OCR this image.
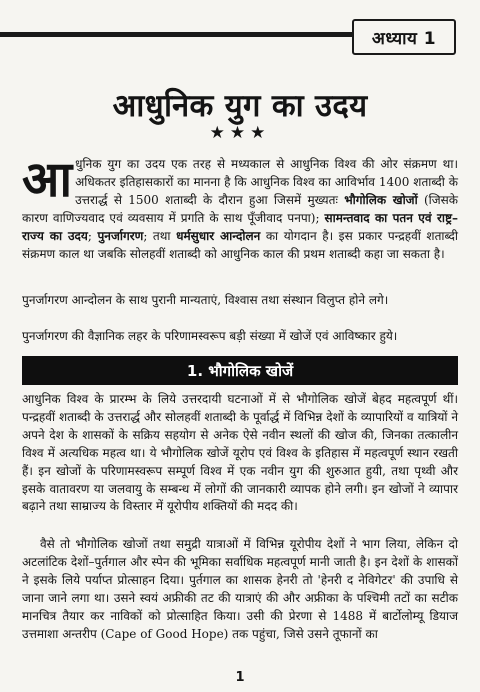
अध्याय 1
आधुनिक युग का उदय
★★★
आधुनिक युग का उदय एक तरह से मध्यकाल से आधुनिक विश्व की ओर संक्रमण था। अधिकतर इतिहासकारों का मानना है कि आधुनिक विश्व का आविर्भाव 1400 शताब्दी के उत्तरार्द्ध से 1500 शताब्दी के दौरान हुआ जिसमें मुख्यतः भौगोलिक खोजों (जिसके कारण वाणिज्यवाद एवं व्यवसाय में प्रगति के साथ पूँजीवाद पनपा); सामन्तवाद का पतन एवं राष्ट्र–राज्य का उदय; पुनर्जागरण; तथा धर्मसुधार आन्दोलन का योगदान है। इस प्रकार पन्द्रहवीं शताब्दी संक्रमण काल था जबकि सोलहवीं शताब्दी को आधुनिक काल की प्रथम शताब्दी कहा जा सकता है।
पुनर्जागरण आन्दोलन के साथ पुरानी मान्यताएं, विश्वास तथा संस्थान विलुप्त होने लगे।
पुनर्जागरण की वैज्ञानिक लहर के परिणामस्वरूप बड़ी संख्या में खोजें एवं आविष्कार हुये।
1. भौगोलिक खोजें
आधुनिक विश्व के प्रारम्भ के लिये उत्तरदायी घटनाओं में से भौगोलिक खोजें बेहद महत्वपूर्ण थीं। पन्द्रहवीं शताब्दी के उत्तरार्द्ध और सोलहवीं शताब्दी के पूर्वार्द्ध में विभिन्न देशों के व्यापारियों व यात्रियों ने अपने देश के शासकों के सक्रिय सहयोग से अनेक ऐसे नवीन स्थलों की खोज की, जिनका तत्कालीन विश्व में अत्यधिक महत्व था। ये भौगोलिक खोजें यूरोप एवं विश्व के इतिहास में महत्वपूर्ण स्थान रखती हैं। इन खोजों के परिणामस्वरूप सम्पूर्ण विश्व में एक नवीन युग की शुरुआत हुयी, तथा पृथ्वी और इसके वातावरण या जलवायु के सम्बन्ध में लोगों की जानकारी व्यापक होने लगी। इन खोजों ने व्यापार बढ़ाने तथा साम्राज्य के विस्तार में यूरोपीय शक्तियों की मदद की।
वैसे तो भौगोलिक खोजों तथा समुद्री यात्राओं में विभिन्न यूरोपीय देशों ने भाग लिया, लेकिन दो अटलांटिक देशों–पुर्तगाल और स्पेन की भूमिका सर्वाधिक महत्वपूर्ण मानी जाती है। इन देशों के शासकों ने इसके लिये पर्याप्त प्रोत्साहन दिया। पुर्तगाल का शासक हेनरी तो 'हेनरी द नेविगेटर' की उपाधि से जाना जाने लगा था। उसने स्वयं अफ्रीकी तट की यात्राएं की और अफ्रीका के पश्चिमी तटों का सटीक मानचित्र तैयार कर नाविकों को प्रोत्साहित किया। उसी की प्रेरणा से 1488 में बार्टोलोम्यू डियाज उत्तमाशा अन्तरीप (Cape of Good Hope) तक पहुंचा, जिसे उसने तूफानों का
1
